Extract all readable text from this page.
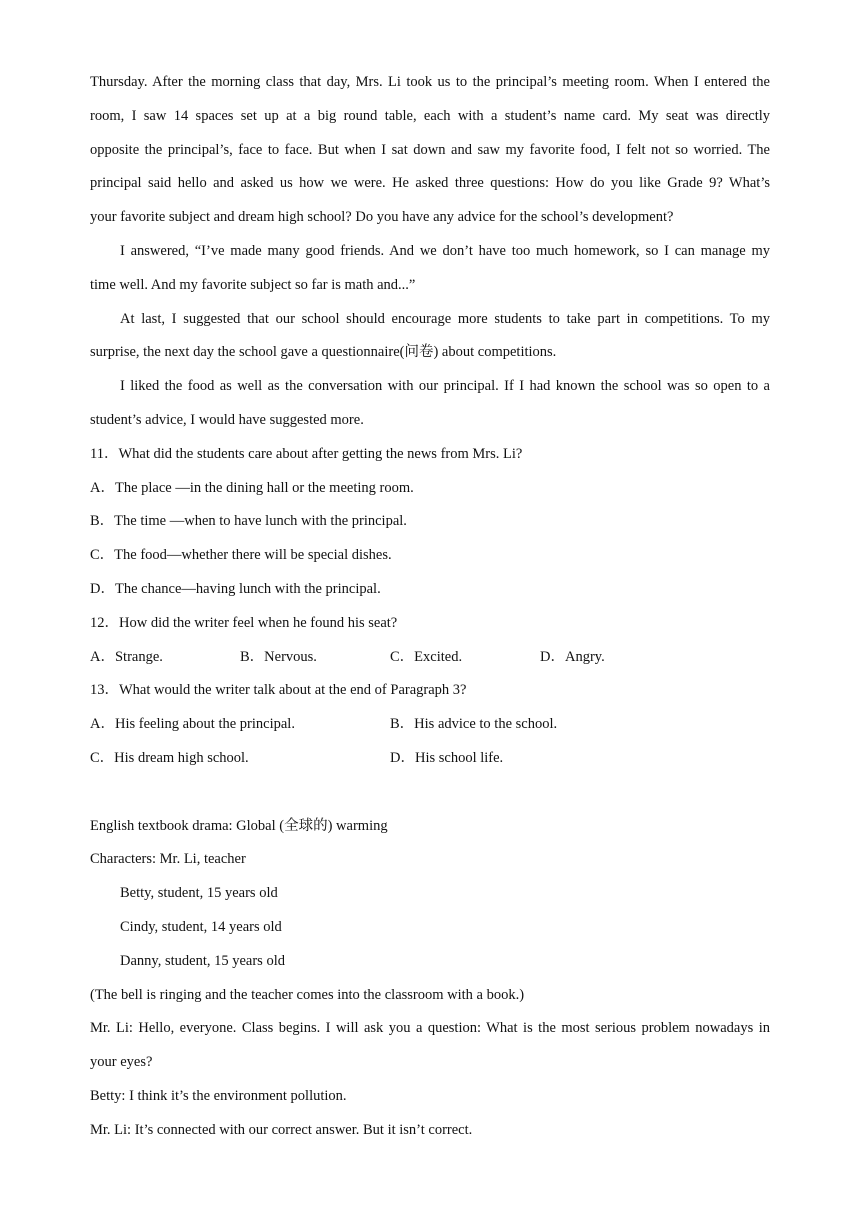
Thursday. After the morning class that day, Mrs. Li took us to the principal’s meeting room. When I entered the

room, I saw 14 spaces set up at a big round table, each with a student’s name card. My seat was directly

opposite the principal’s, face to face. But when I sat down and saw my favorite food, I felt not so worried. The

principal said hello and asked us how we were. He asked three questions: How do you like Grade 9? What’s

your favorite subject and dream high school? Do you have any advice for the school’s development?

I answered, “I’ve made many good friends. And we don’t have too much homework, so I can manage my

time well. And my favorite subject so far is math and...”

At last, I suggested that our school should encourage more students to take part in competitions. To my

surprise, the next day the school gave a questionnaire(问卷) about competitions.

I liked the food as well as the conversation with our principal. If I had known the school was so open to a

student’s advice, I would have suggested more.

11．What did the students care about after getting the news from Mrs. Li?

A．The place —in the dining hall or the meeting room.

B．The time —when to have lunch with the principal.

C．The food—whether there will be special dishes.

D．The chance—having lunch with the principal.

12．How did the writer feel when he found his seat?

A．Strange.	B．Nervous.	C．Excited.	D．Angry.

13．What would the writer talk about at the end of Paragraph 3?

A．His feeling about the principal.	B．His advice to the school.
C．His dream high school.	D．His school life.

English textbook drama: Global (全球的) warming

Characters: Mr. Li, teacher

Betty, student, 15 years old

Cindy, student, 14 years old

Danny, student, 15 years old

(The bell is ringing and the teacher comes into the classroom with a book.)

Mr. Li: Hello, everyone. Class begins. I will ask you a question: What is the most serious problem nowadays in

your eyes?

Betty: I think it’s the environment pollution.

Mr. Li: It’s connected with our correct answer. But it isn’t correct.
